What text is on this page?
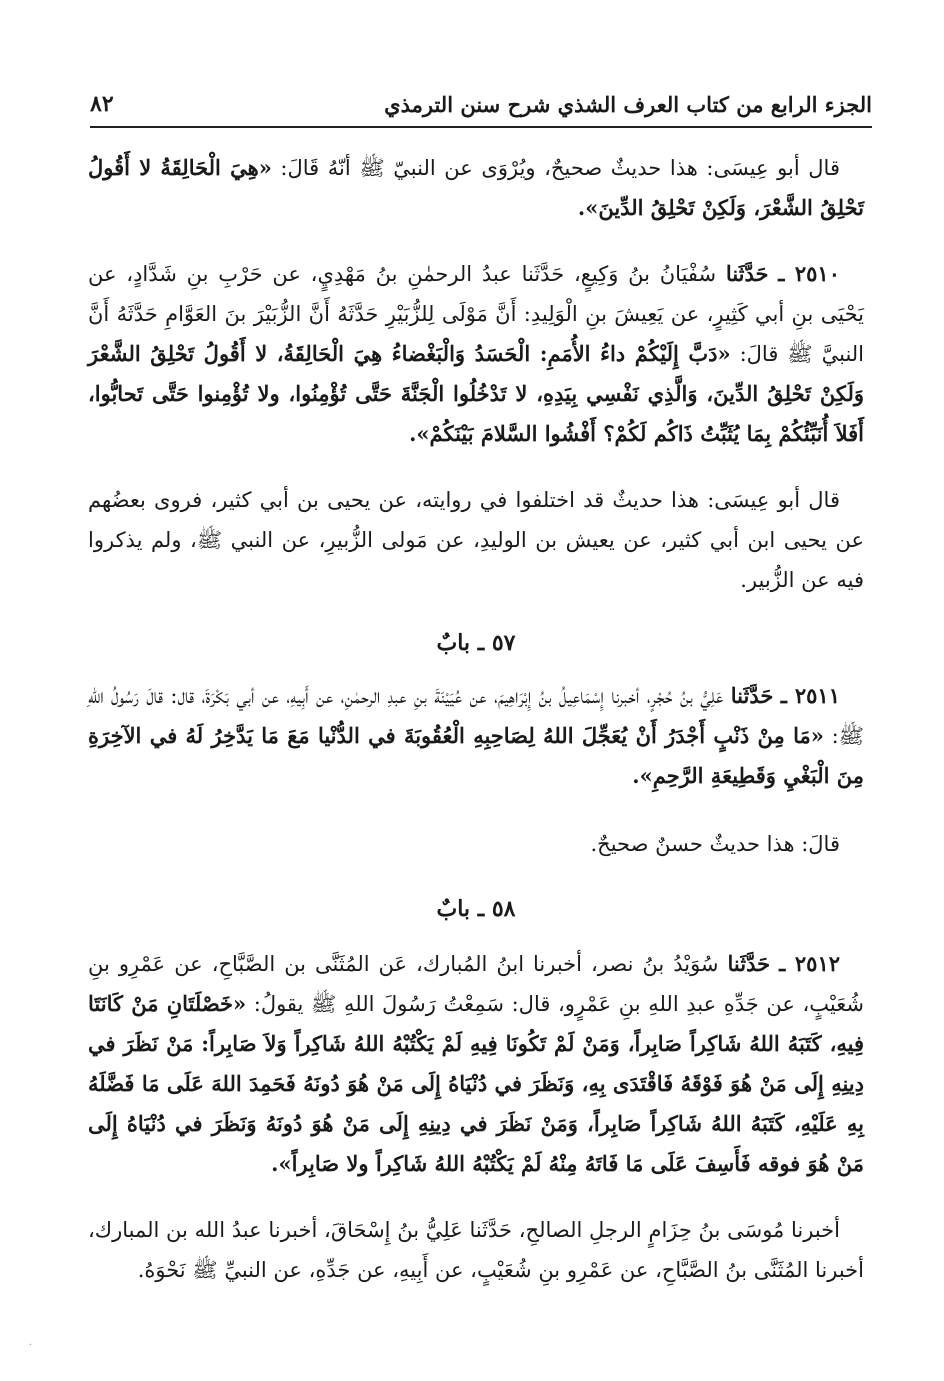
الجزء الرابع من كتاب العرف الشذي شرح سنن الترمذي
٨٢
قال أبو عِيسَى: هذا حديثٌ صحيحٌ، ويُرْوَى عن النبيّ ﷺ أنّهُ قَالَ: «هِيَ الْحَالِقَةُ لا أَقُولُ تَحْلِقُ الشَّعْرَ، وَلَكِنْ تَحْلِقُ الدِّينَ».
٢٥١٠ ـ حَدَّثَنا سُفْيَانُ بنُ وَكِيعٍ، حَدَّثَنا عبدُ الرحمٰنِ بنُ مَهْدِيٍ، عن حَرْبِ بنِ شَدَّادٍ، عن يَحْيَى بنِ أبي كَثِيرٍ، عن يَعِيشَ بنِ الْوَلِيدِ: أَنَّ مَوْلَى لِلزُّبَيْرِ حَدَّثَهُ أَنَّ الزُّبَيْرَ بنَ العَوَّامِ حَدَّثَهُ أَنَّ النبيَّ ﷺ قالَ: «دَبَّ إِلَيْكُمْ داءُ الأُمَمِ: الْحَسَدُ وَالْبَغْضاءُ هِيَ الْحَالِقَةُ، لا أَقُولُ تَحْلِقُ الشَّعْرَ وَلَكِنْ تَحْلِقُ الدِّينَ، وَالَّذِي نَفْسِي بِيَدِهِ، لا تَدْخُلُوا الْجَنَّةَ حَتَّى تُؤْمِنُوا، ولا تُؤْمِنوا حَتَّى تَحابُّوا، أَفَلاَ أُنَبِّئُكُمْ بِمَا يُثَبِّتُ ذَاكُم لَكُمْ؟ أَفْشُوا السَّلامَ بَيْنَكُمْ».
قال أبو عِيسَى: هذا حديثٌ قد اختلفوا في روايته، عن يحيى بن أبي كثير، فروى بعضُهم عن يحيى ابن أبي كثير، عن يعيش بن الوليدِ، عن مَولى الزُّبيرِ، عن النبي ﷺ، ولم يذكروا فيه عن الزُّبير.
٥٧ ـ بابٌ
٢٥١١ ـ حَدَّثَنا عَلِيُّ بنُ حُجْرٍ، أخبرنا إِسْمَاعِيلُ بنُ إِبْرَاهِيمَ، عن عُيَيْنَةَ بنِ عبدِ الرحمٰنِ، عن أَبِيهِ، عن أبي بَكْرَةَ، قال: قالَ رَسُولُ اللهِ ﷺ: «مَا مِنْ ذَنْبٍ أَجْدَرُ أَنْ يُعَجِّلَ اللهُ لِصَاحِبِهِ الْعُقُوبَةَ في الدُّنْيا مَعَ مَا يَدَّخِرُ لَهُ في الآخِرَةِ مِنَ الْبَغْيِ وَقَطِيعَةِ الرَّحِمِ».
قالَ: هذا حديثٌ حسنٌ صحيحٌ.
٥٨ ـ بابٌ
٢٥١٢ ـ حَدَّثَنا سُوَيْدُ بنُ نصر، أخبرنا ابنُ المُبارك، عَن المُثَنَّى بن الصَّبَّاحِ، عن عَمْرِو بنِ شُعَيْبٍ، عن جَدِّهِ عبدِ اللهِ بنِ عَمْرٍو، قال: سَمِعْتُ رَسُولَ اللهِ ﷺ يقولُ: «خَصْلَتَانِ مَنْ كَانَتَا فِيهِ، كَتَبَهُ اللهُ شَاكِراً صَابِراً، وَمَنْ لَمْ تَكُونَا فِيهِ لَمْ يَكْتُبْهُ اللهُ شَاكِراً وَلاَ صَابِراً: مَنْ نَظَرَ في دِينِهِ إِلَى مَنْ هُوَ فَوْقَهُ فَاقْتَدَى بِهِ، وَنَظَرَ في دُنْيَاهُ إِلَى مَنْ هُوَ دُونَهُ فَحَمِدَ اللهَ عَلَى مَا فَضَّلَهُ بِهِ عَلَيْهِ، كَتَبَهُ اللهُ شَاكِراً صَابِراً، وَمَنْ نَظَرَ في دِينِهِ إِلَى مَنْ هُوَ دُونَهُ وَنَظَرَ في دُنْيَاهُ إِلَى مَنْ هُوَ فوقه فَأَسِفَ عَلَى مَا فَاتَهُ مِنْهُ لَمْ يَكْتُبْهُ اللهُ شَاكِراً ولا صَابِراً».
أخبرنا مُوسَى بنُ حِزَامٍ الرجلِ الصالحِ، حَدَّثَنا عَلِيُّ بنُ إِسْحَاقَ، أخبرنا عبدُ الله بن المبارك، أخبرنا المُثَنَّى بنُ الصَّبَّاحِ، عن عَمْرِو بنِ شُعَيْبٍ، عن أَبِيهِ، عن جَدِّهِ، عن النبيِّ ﷺ نَحْوَهُ.
·
